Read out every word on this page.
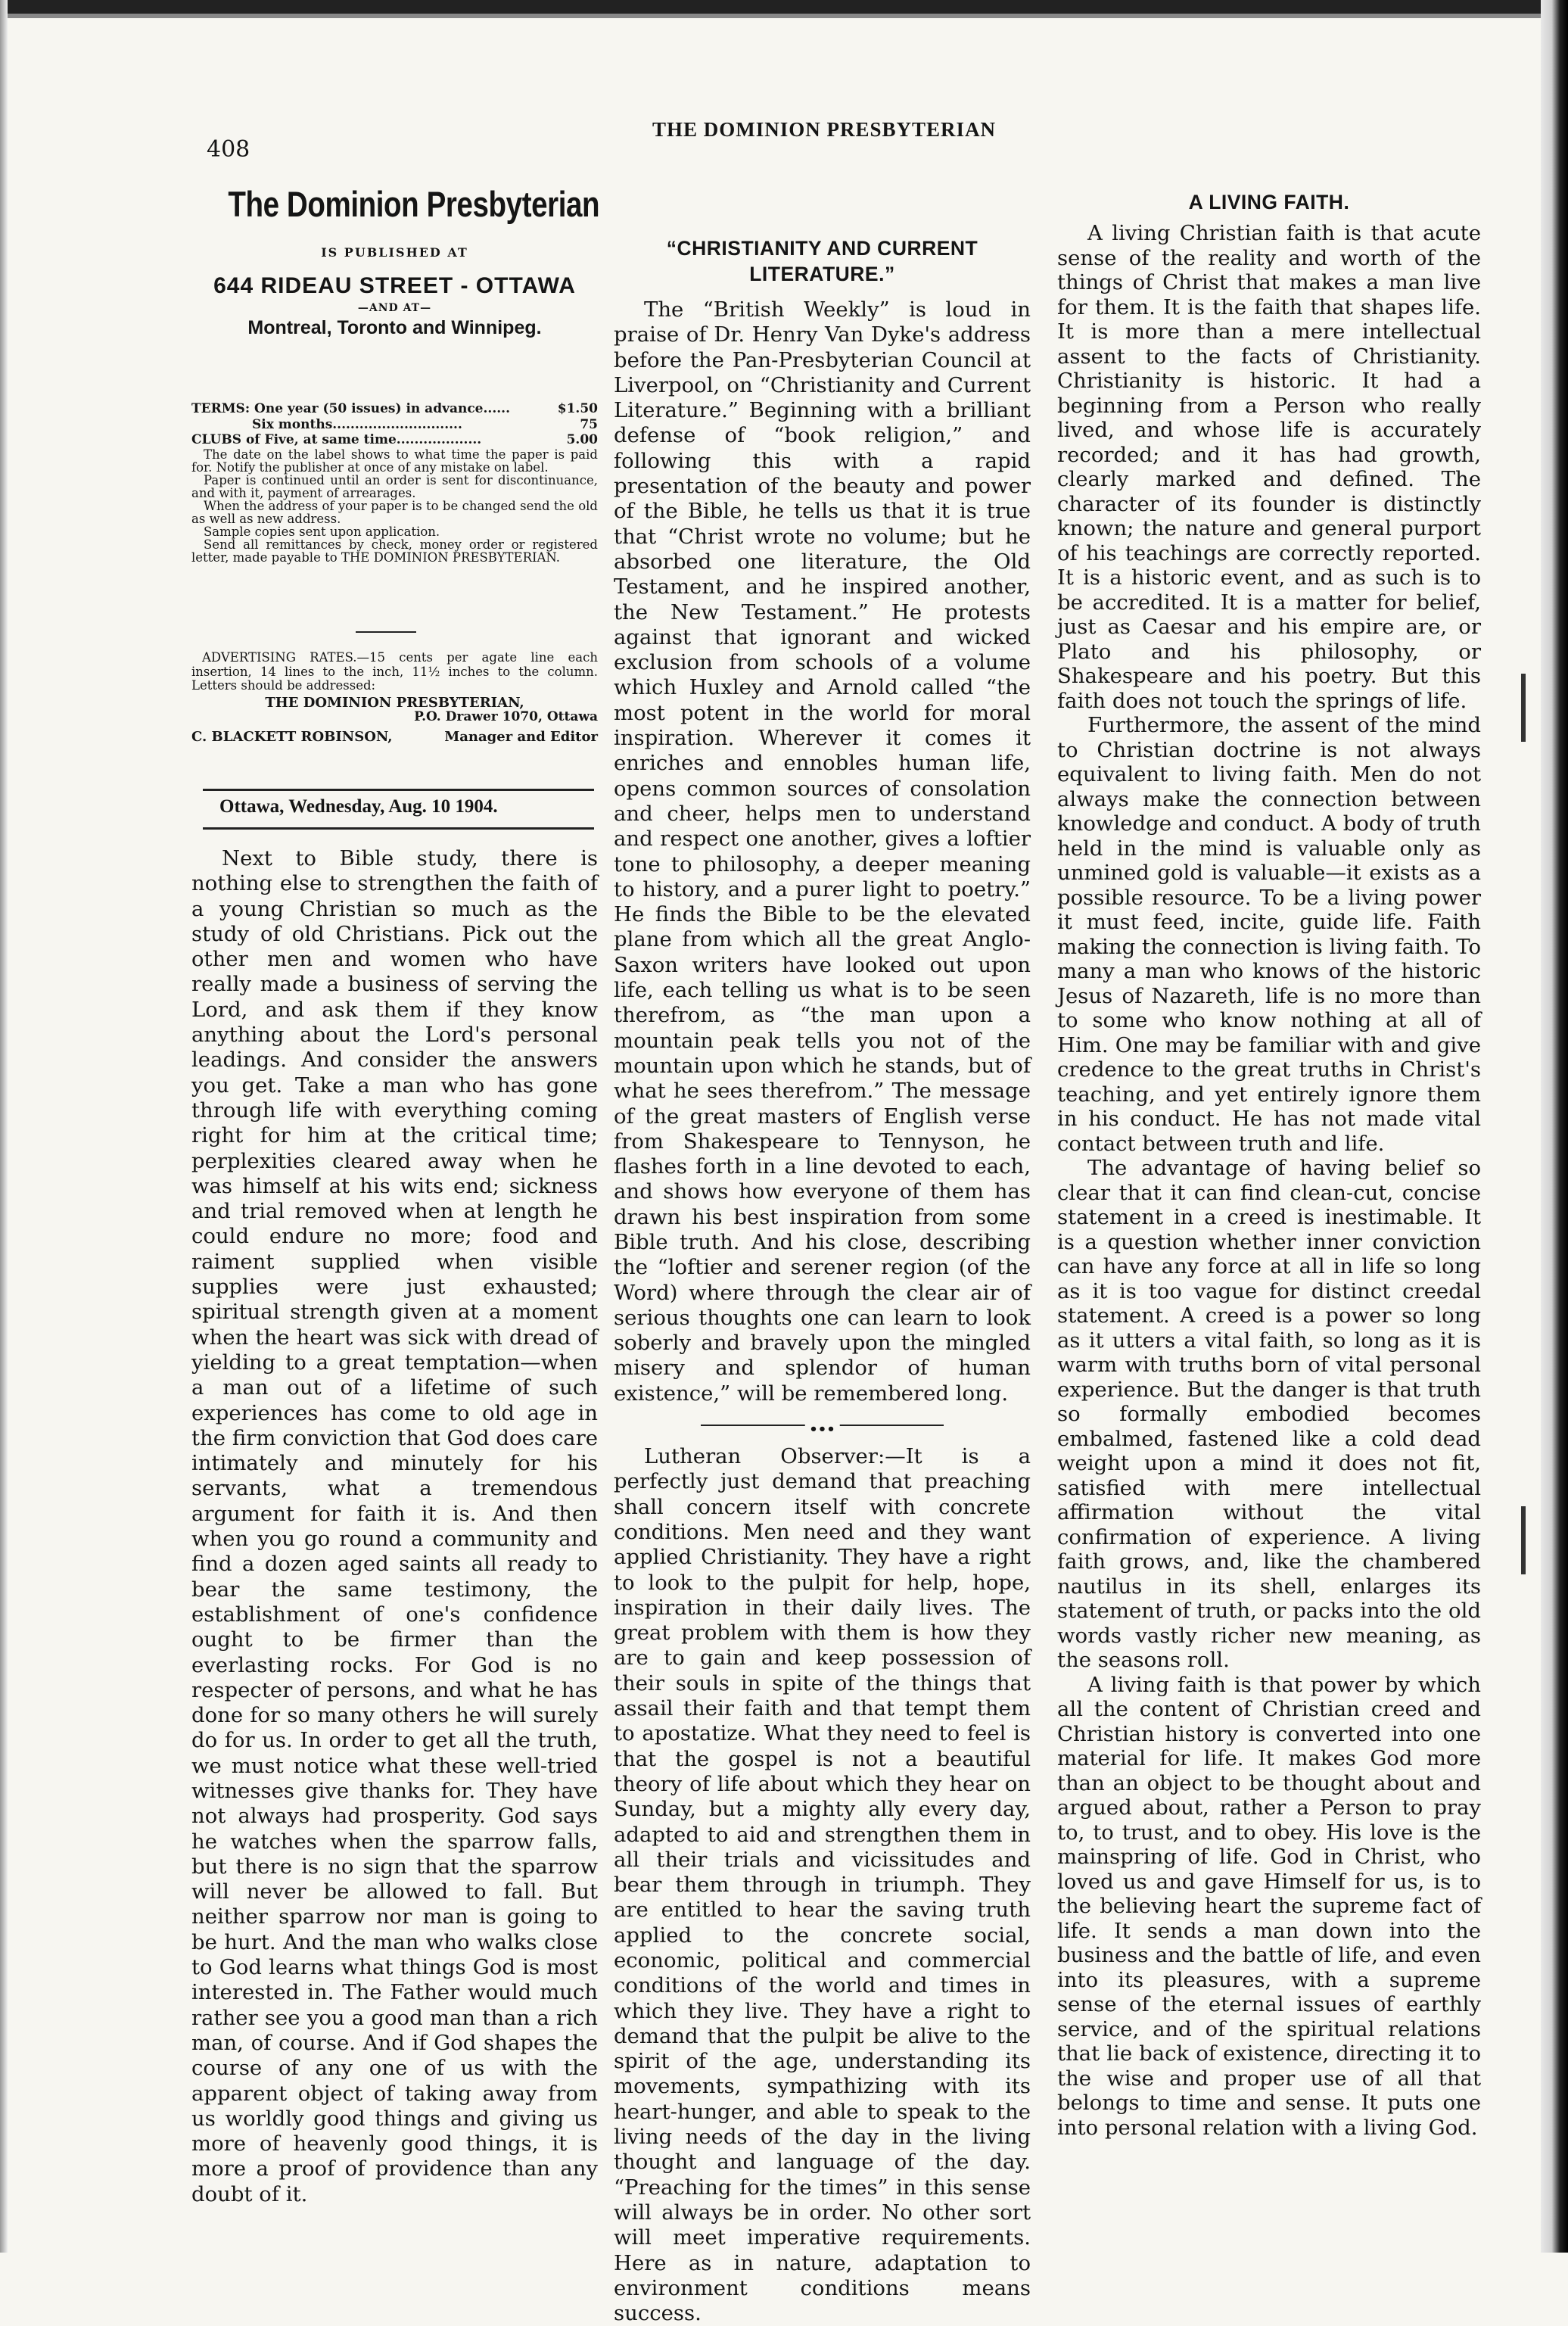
408
THE DOMINION PRESBYTERIAN
The Dominion Presbyterian
IS PUBLISHED AT
644 RIDEAU STREET - OTTAWA
—AND AT—
Montreal, Toronto and Winnipeg.
TERMS: One year (50 issues) in advance......	$1.50
Six months.............................	75
CLUBS of Five, at same time...................	5.00
The date on the label shows to what time the paper is paid for. Notify the publisher at once of any mistake on label.
Paper is continued until an order is sent for discontinuance, and with it, payment of arrearages.
When the address of your paper is to be changed send the old as well as new address.
Sample copies sent upon application.
Send all remittances by check, money order or registered letter, made payable to THE DOMINION PRESBYTERIAN.
ADVERTISING RATES.—15 cents per agate line each insertion, 14 lines to the inch, 11½ inches to the column. Letters should be addressed:
THE DOMINION PRESBYTERIAN,
P.O. Drawer 1070, Ottawa
C. BLACKETT ROBINSON,	Manager and Editor
Ottawa, Wednesday, Aug. 10 1904.

Next to Bible study, there is nothing else to strengthen the faith of a young Christian so much as the study of old Christians. Pick out the other men and women who have really made a business of serving the Lord, and ask them if they know anything about the Lord's personal leadings. And consider the answers you get. Take a man who has gone through life with everything coming right for him at the critical time; perplexities cleared away when he was himself at his wits end; sickness and trial removed when at length he could endure no more; food and raiment supplied when visible supplies were just exhausted; spiritual strength given at a moment when the heart was sick with dread of yielding to a great temptation—when a man out of a lifetime of such experiences has come to old age in the firm conviction that God does care intimately and minutely for his servants, what a tremendous argument for faith it is. And then when you go round a community and find a dozen aged saints all ready to bear the same testimony, the establishment of one's confidence ought to be firmer than the everlasting rocks. For God is no respecter of persons, and what he has done for so many others he will surely do for us. In order to get all the truth, we must notice what these well-tried witnesses give thanks for. They have not always had prosperity. God says he watches when the sparrow falls, but there is no sign that the sparrow will never be allowed to fall. But neither sparrow nor man is going to be hurt. And the man who walks close to God learns what things God is most interested in. The Father would much rather see you a good man than a rich man, of course. And if God shapes the course of any one of us with the apparent object of taking away from us worldly good things and giving us more of heavenly good things, it is more a proof of providence than any doubt of it.

“CHRISTIANITY AND CURRENT LITERATURE.”

The “British Weekly” is loud in praise of Dr. Henry Van Dyke's address before the Pan-Presbyterian Council at Liverpool, on “Christianity and Current Literature.” Beginning with a brilliant defense of “book religion,” and following this with a rapid presentation of the beauty and power of the Bible, he tells us that it is true that “Christ wrote no volume; but he absorbed one literature, the Old Testament, and he inspired another, the New Testament.” He protests against that ignorant and wicked exclusion from schools of a volume which Huxley and Arnold called “the most potent in the world for moral inspiration. Wherever it comes it enriches and ennobles human life, opens common sources of consolation and cheer, helps men to understand and respect one another, gives a loftier tone to philosophy, a deeper meaning to history, and a purer light to poetry.” He finds the Bible to be the elevated plane from which all the great Anglo-Saxon writers have looked out upon life, each telling us what is to be seen therefrom, as “the man upon a mountain peak tells you not of the mountain upon which he stands, but of what he sees therefrom.” The message of the great masters of English verse from Shakespeare to Tennyson, he flashes forth in a line devoted to each, and shows how everyone of them has drawn his best inspiration from some Bible truth. And his close, describing the “loftier and serener region (of the Word) where through the clear air of serious thoughts one can learn to look soberly and bravely upon the mingled misery and splendor of human existence,” will be remembered long.

•••

Lutheran Observer:—It is a perfectly just demand that preaching shall concern itself with concrete conditions. Men need and they want applied Christianity. They have a right to look to the pulpit for help, hope, inspiration in their daily lives. The great problem with them is how they are to gain and keep possession of their souls in spite of the things that assail their faith and that tempt them to apostatize. What they need to feel is that the gospel is not a beautiful theory of life about which they hear on Sunday, but a mighty ally every day, adapted to aid and strengthen them in all their trials and vicissitudes and bear them through in triumph. They are entitled to hear the saving truth applied to the concrete social, economic, political and commercial conditions of the world and times in which they live. They have a right to demand that the pulpit be alive to the spirit of the age, understanding its movements, sympathizing with its heart-hunger, and able to speak to the living needs of the day in the living thought and language of the day. “Preaching for the times” in this sense will always be in order. No other sort will meet imperative requirements. Here as in nature, adaptation to environment conditions means success.

A LIVING FAITH.

A living Christian faith is that acute sense of the reality and worth of the things of Christ that makes a man live for them. It is the faith that shapes life. It is more than a mere intellectual assent to the facts of Christianity. Christianity is historic. It had a beginning from a Person who really lived, and whose life is accurately recorded; and it has had growth, clearly marked and defined. The character of its founder is distinctly known; the nature and general purport of his teachings are correctly reported. It is a historic event, and as such is to be accredited. It is a matter for belief, just as Caesar and his empire are, or Plato and his philosophy, or Shakespeare and his poetry. But this faith does not touch the springs of life.

Furthermore, the assent of the mind to Christian doctrine is not always equivalent to living faith. Men do not always make the connection between knowledge and conduct. A body of truth held in the mind is valuable only as unmined gold is valuable—it exists as a possible resource. To be a living power it must feed, incite, guide life. Faith making the connection is living faith. To many a man who knows of the historic Jesus of Nazareth, life is no more than to some who know nothing at all of Him. One may be familiar with and give credence to the great truths in Christ's teaching, and yet entirely ignore them in his conduct. He has not made vital contact between truth and life.

The advantage of having belief so clear that it can find clean-cut, concise statement in a creed is inestimable. It is a question whether inner conviction can have any force at all in life so long as it is too vague for distinct creedal statement. A creed is a power so long as it utters a vital faith, so long as it is warm with truths born of vital personal experience. But the danger is that truth so formally embodied becomes embalmed, fastened like a cold dead weight upon a mind it does not fit, satisfied with mere intellectual affirmation without the vital confirmation of experience. A living faith grows, and, like the chambered nautilus in its shell, enlarges its statement of truth, or packs into the old words vastly richer new meaning, as the seasons roll.

A living faith is that power by which all the content of Christian creed and Christian history is converted into one material for life. It makes God more than an object to be thought about and argued about, rather a Person to pray to, to trust, and to obey. His love is the mainspring of life. God in Christ, who loved us and gave Himself for us, is to the believing heart the supreme fact of life. It sends a man down into the business and the battle of life, and even into its pleasures, with a supreme sense of the eternal issues of earthly service, and of the spiritual relations that lie back of existence, directing it to the wise and proper use of all that belongs to time and sense. It puts one into personal relation with a living God.
